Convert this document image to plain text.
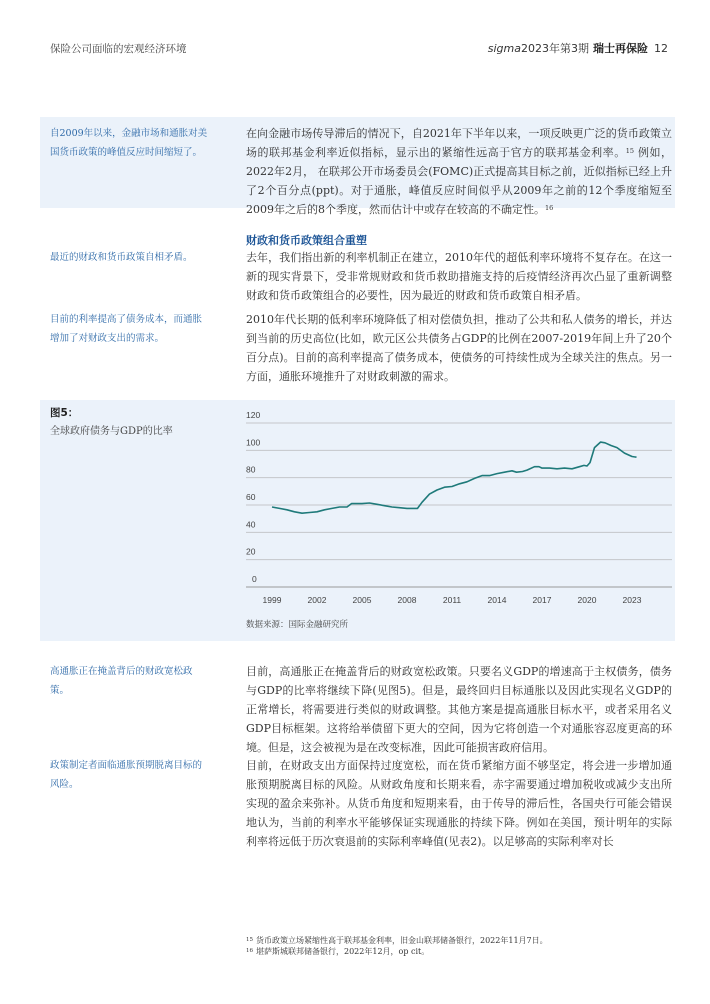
保险公司面临的宏观经济环境	sigma2023年第3期 瑞士再保险 12
自2009年以来，金融市场和通胀对美国货币政策的峰值反应时间缩短了。
在向金融市场传导滞后的情况下，自2021年下半年以来，一项反映更广泛的货币政策立场的联邦基金利率近似指标，显示出的紧缩性远高于官方的联邦基金利率。$^{15}$ 例如，2022年2月， 在联邦公开市场委员会(FOMC)正式提高其目标之前，近似指标已经上升了2个百分点(ppt)。对于通胀，峰值反应时间似乎从2009年之前的12个季度缩短至2009年之后的8个季度，然而估计中或存在较高的不确定性。$^{16}$
财政和货币政策组合重塑
最近的财政和货币政策自相矛盾。	去年，我们指出新的利率机制正在建立，2010年代的超低利率环境将不复存在。在这一新的现实背景下，受非常规财政和货币救助措施支持的后疫情经济再次凸显了重新调整财政和货币政策组合的必要性，因为最近的财政和货币政策自相矛盾。
目前的利率提高了债务成本，而通胀增加了对财政支出的需求。
2010年代长期的低利率环境降低了相对偿债负担，推动了公共和私人债务的增长，并达到当前的历史高位(比如，欧元区公共债务占GDP的比例在2007-2019年间上升了20个百分点)。目前的高利率提高了债务成本，使债务的可持续性成为全球关注的焦点。另一方面，通胀环境推升了对财政刺激的需求。
图5：
全球政府债务与GDP的比率
0
20
40
60
80
100
120
1999	2002	2005	2008	2011	2014	2017	2020	2023
数据来源：国际金融研究所
高通胀正在掩盖背后的财政宽松政策。
目前，高通胀正在掩盖背后的财政宽松政策。只要名义GDP的增速高于主权债务，债务与GDP的比率将继续下降(见图5)。但是，最终回归目标通胀以及因此实现名义GDP的正常增长，将需要进行类似的财政调整。其他方案是提高通胀目标水平，或者采用名义GDP目标框架。这将给举债留下更大的空间，因为它将创造一个对通胀容忍度更高的环境。但是，这会被视为是在改变标准，因此可能损害政府信用。
政策制定者面临通胀预期脱离目标的风险。
目前，在财政支出方面保持过度宽松，而在货币紧缩方面不够坚定，将会进一步增加通胀预期脱离目标的风险。从财政角度和长期来看，赤字需要通过增加税收或减少支出所实现的盈余来弥补。从货币角度和短期来看，由于传导的滞后性，各国央行可能会错误地认为，当前的利率水平能够保证实现通胀的持续下降。例如在美国，预计明年的实际利率将远低于历次衰退前的实际利率峰值(见表2)。以足够高的实际利率对长
$^{15}$ 货币政策立场紧缩性高于联邦基金利率，旧金山联邦储备银行，2022年11月7日。
$^{16}$ 堪萨斯城联邦储备银行，2022年12月，op cit。
